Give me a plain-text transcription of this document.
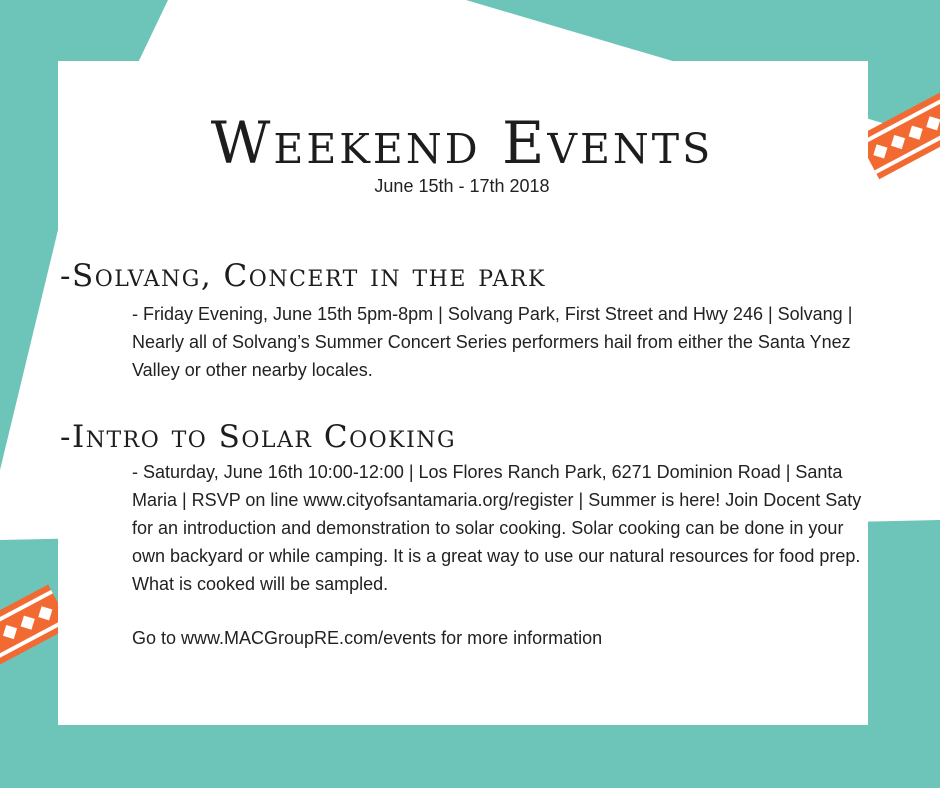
Weekend Events
June 15th - 17th 2018
-Solvang, Concert in the park

- Friday Evening, June 15th 5pm-8pm | Solvang Park, First Street and Hwy 246 | Solvang | Nearly all of Solvang’s Summer Concert Series performers hail from either the Santa Ynez Valley or other nearby locales.

-Intro to Solar Cooking

- Saturday, June 16th 10:00-12:00 | Los Flores Ranch Park, 6271 Dominion Road | Santa Maria | RSVP on line www.cityofsantamaria.org/register | Summer is here! Join Docent Saty for an introduction and demonstration to solar cooking. Solar cooking can be done in your own backyard or while camping. It is a great way to use our natural resources for food prep. What is cooked will be sampled.

Go to www.MACGroupRE.com/events for more information
